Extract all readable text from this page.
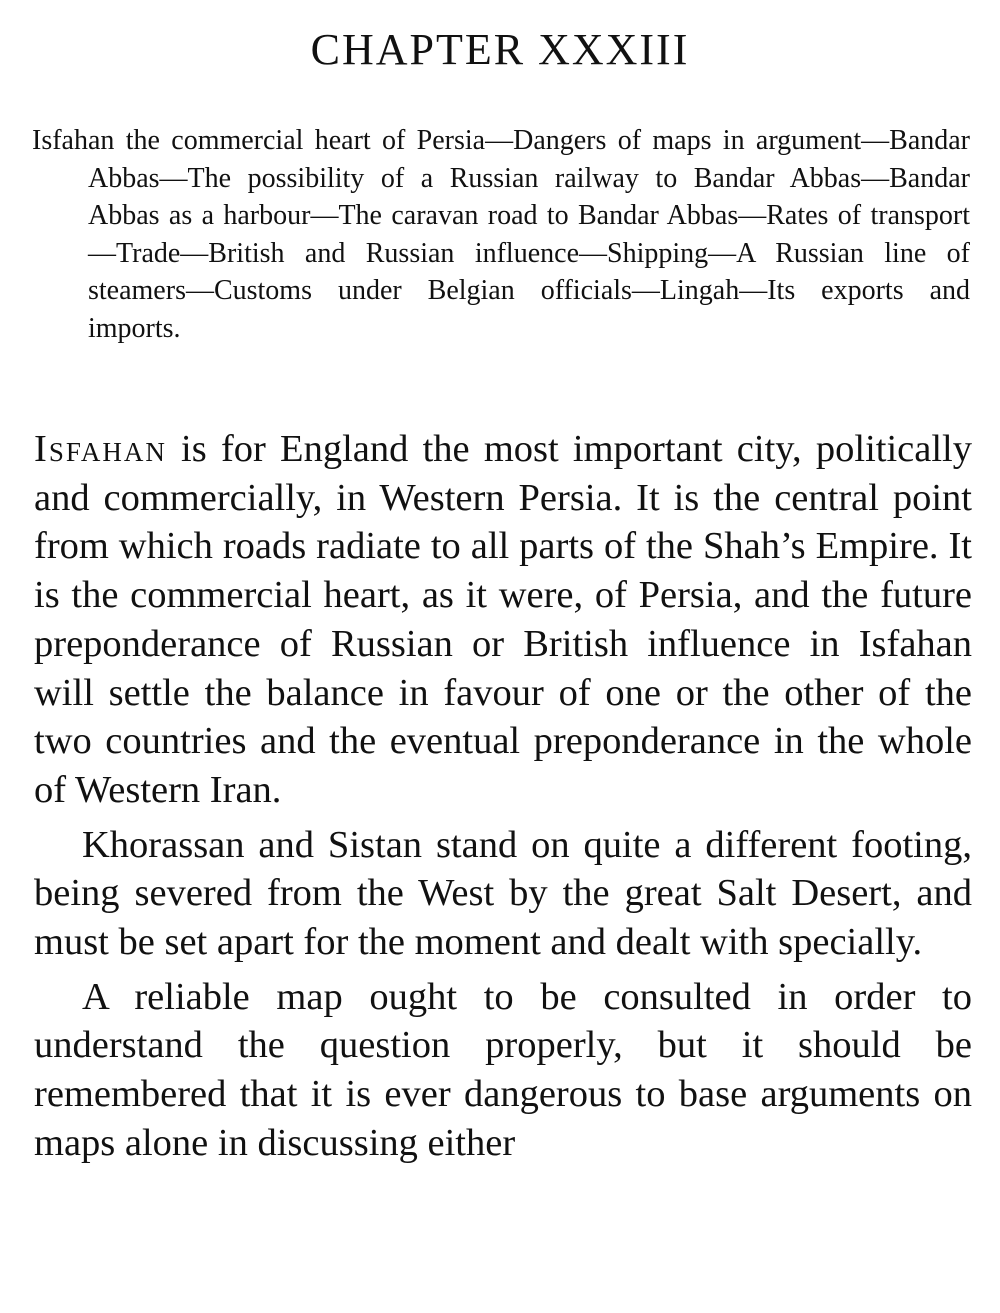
CHAPTER XXXIII

Isfahan the commercial heart of Persia—Dangers of maps in argument—Bandar Abbas—The possibility of a Russian railway to Bandar Abbas—Bandar Abbas as a harbour—The caravan road to Bandar Abbas—Rates of transport—Trade—British and Russian influence—Shipping—A Russian line of steamers—Customs under Belgian officials—Lingah—Its exports and imports.

Isfahan is for England the most important city, politically and commercially, in Western Persia. It is the central point from which roads radiate to all parts of the Shah’s Empire. It is the commercial heart, as it were, of Persia, and the future preponderance of Russian or British influence in Isfahan will settle the balance in favour of one or the other of the two countries and the eventual preponderance in the whole of Western Iran.

Khorassan and Sistan stand on quite a different footing, being severed from the West by the great Salt Desert, and must be set apart for the moment and dealt with specially.

A reliable map ought to be consulted in order to understand the question properly, but it should be remembered that it is ever dangerous to base arguments on maps alone in discussing either
